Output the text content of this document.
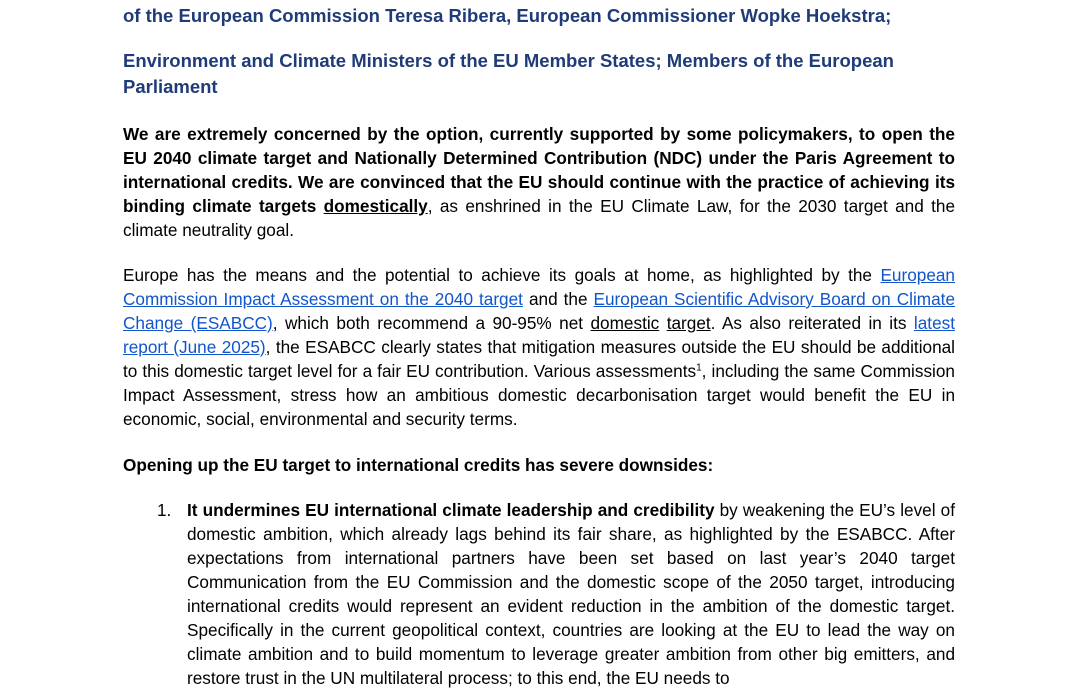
of the European Commission Teresa Ribera, European Commissioner Wopke Hoekstra;

Environment and Climate Ministers of the EU Member States; Members of the European Parliament

We are extremely concerned by the option, currently supported by some policymakers, to open the EU 2040 climate target and Nationally Determined Contribution (NDC) under the Paris Agreement to international credits. We are convinced that the EU should continue with the practice of achieving its binding climate targets domestically, as enshrined in the EU Climate Law, for the 2030 target and the climate neutrality goal.

Europe has the means and the potential to achieve its goals at home, as highlighted by the European Commission Impact Assessment on the 2040 target and the European Scientific Advisory Board on Climate Change (ESABCC), which both recommend a 90-95% net domestic target. As also reiterated in its latest report (June 2025), the ESABCC clearly states that mitigation measures outside the EU should be additional to this domestic target level for a fair EU contribution. Various assessments$^1$, including the same Commission Impact Assessment, stress how an ambitious domestic decarbonisation target would benefit the EU in economic, social, environmental and security terms.

Opening up the EU target to international credits has severe downsides:

1. It undermines EU international climate leadership and credibility by weakening the EU’s level of domestic ambition, which already lags behind its fair share, as highlighted by the ESABCC. After expectations from international partners have been set based on last year’s 2040 target Communication from the EU Commission and the domestic scope of the 2050 target, introducing international credits would represent an evident reduction in the ambition of the domestic target. Specifically in the current geopolitical context, countries are looking at the EU to lead the way on climate ambition and to build momentum to leverage greater ambition from other big emitters, and restore trust in the UN multilateral process; to this end, the EU needs to
